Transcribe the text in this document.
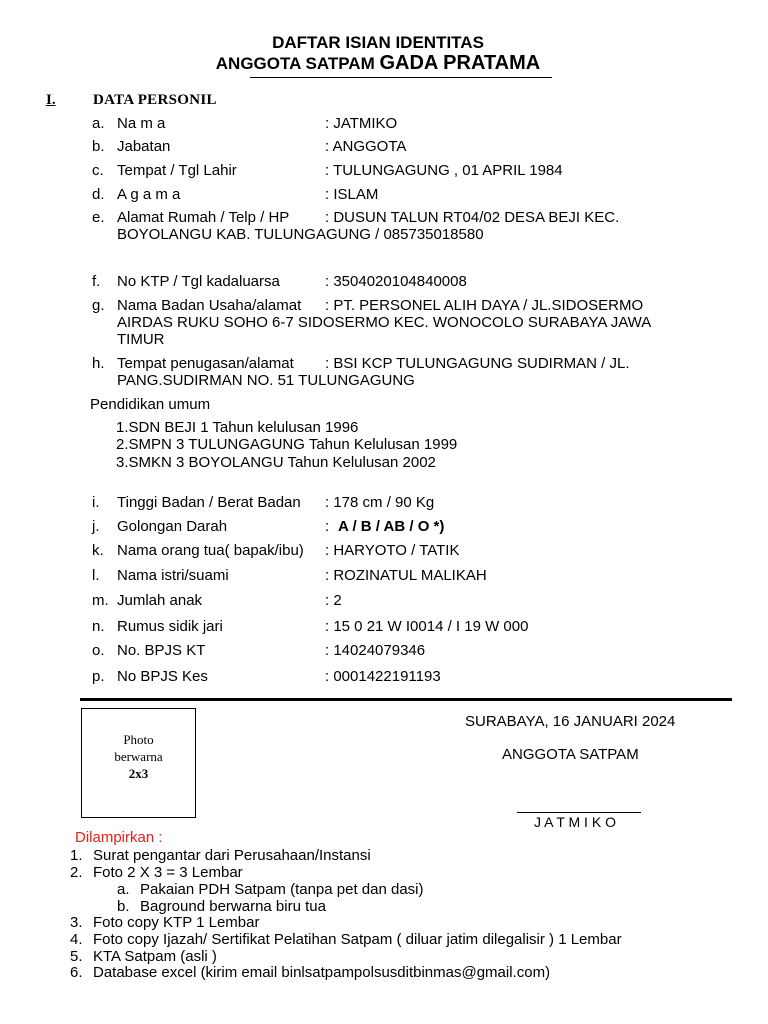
DAFTAR ISIAN IDENTITAS
ANGGOTA SATPAM GADA PRATAMA
I. DATA PERSONIL
a. Na m a	: JATMIKO
b. Jabatan	: ANGGOTA
c. Tempat / Tgl Lahir	: TULUNGAGUNG , 01 APRIL 1984
d. A g a m a	: ISLAM
e. Alamat Rumah / Telp / HP : DUSUN TALUN RT04/02 DESA BEJI KEC.
BOYOLANGU KAB. TULUNGAGUNG / 085735018580
f. No KTP / Tgl kadaluarsa	: 3504020104840008
g. Nama Badan Usaha/alamat : PT. PERSONEL ALIH DAYA / JL.SIDOSERMO
AIRDAS RUKU SOHO 6-7 SIDOSERMO KEC. WONOCOLO SURABAYA JAWA
TIMUR
h. Tempat penugasan/alamat : BSI KCP TULUNGAGUNG SUDIRMAN / JL.
PANG.SUDIRMAN NO. 51 TULUNGAGUNG
Pendidikan umum
1.SDN BEJI 1 Tahun kelulusan 1996
2.SMPN 3 TULUNGAGUNG Tahun Kelulusan 1999
3.SMKN 3 BOYOLANGU Tahun Kelulusan 2002
i. Tinggi Badan / Berat Badan : 178 cm / 90 Kg
j. Golongan Darah	: A / B / AB / O *)
k. Nama orang tua( bapak/ibu) : HARYOTO / TATIK
l. Nama istri/suami	: ROZINATUL MALIKAH
m. Jumlah anak	: 2
n. Rumus sidik jari	: 15 0 21 W I0014 / I 19 W 000
o. No. BPJS KT	: 14024079346
p. No BPJS Kes	: 0001422191193
Photo
berwarna
2x3
SURABAYA, 16 JANUARI 2024
ANGGOTA SATPAM
J A T M I K O
Dilampirkan :
1. Surat pengantar dari Perusahaan/Instansi
2. Foto 2 X 3 = 3 Lembar
a. Pakaian PDH Satpam (tanpa pet dan dasi)
b. Baground berwarna biru tua
3. Foto copy KTP 1 Lembar
4. Foto copy Ijazah/ Sertifikat Pelatihan Satpam ( diluar jatim dilegalisir ) 1 Lembar
5. KTA Satpam (asli )
6. Database excel (kirim email binlsatpampolsusditbinmas@gmail.com)
